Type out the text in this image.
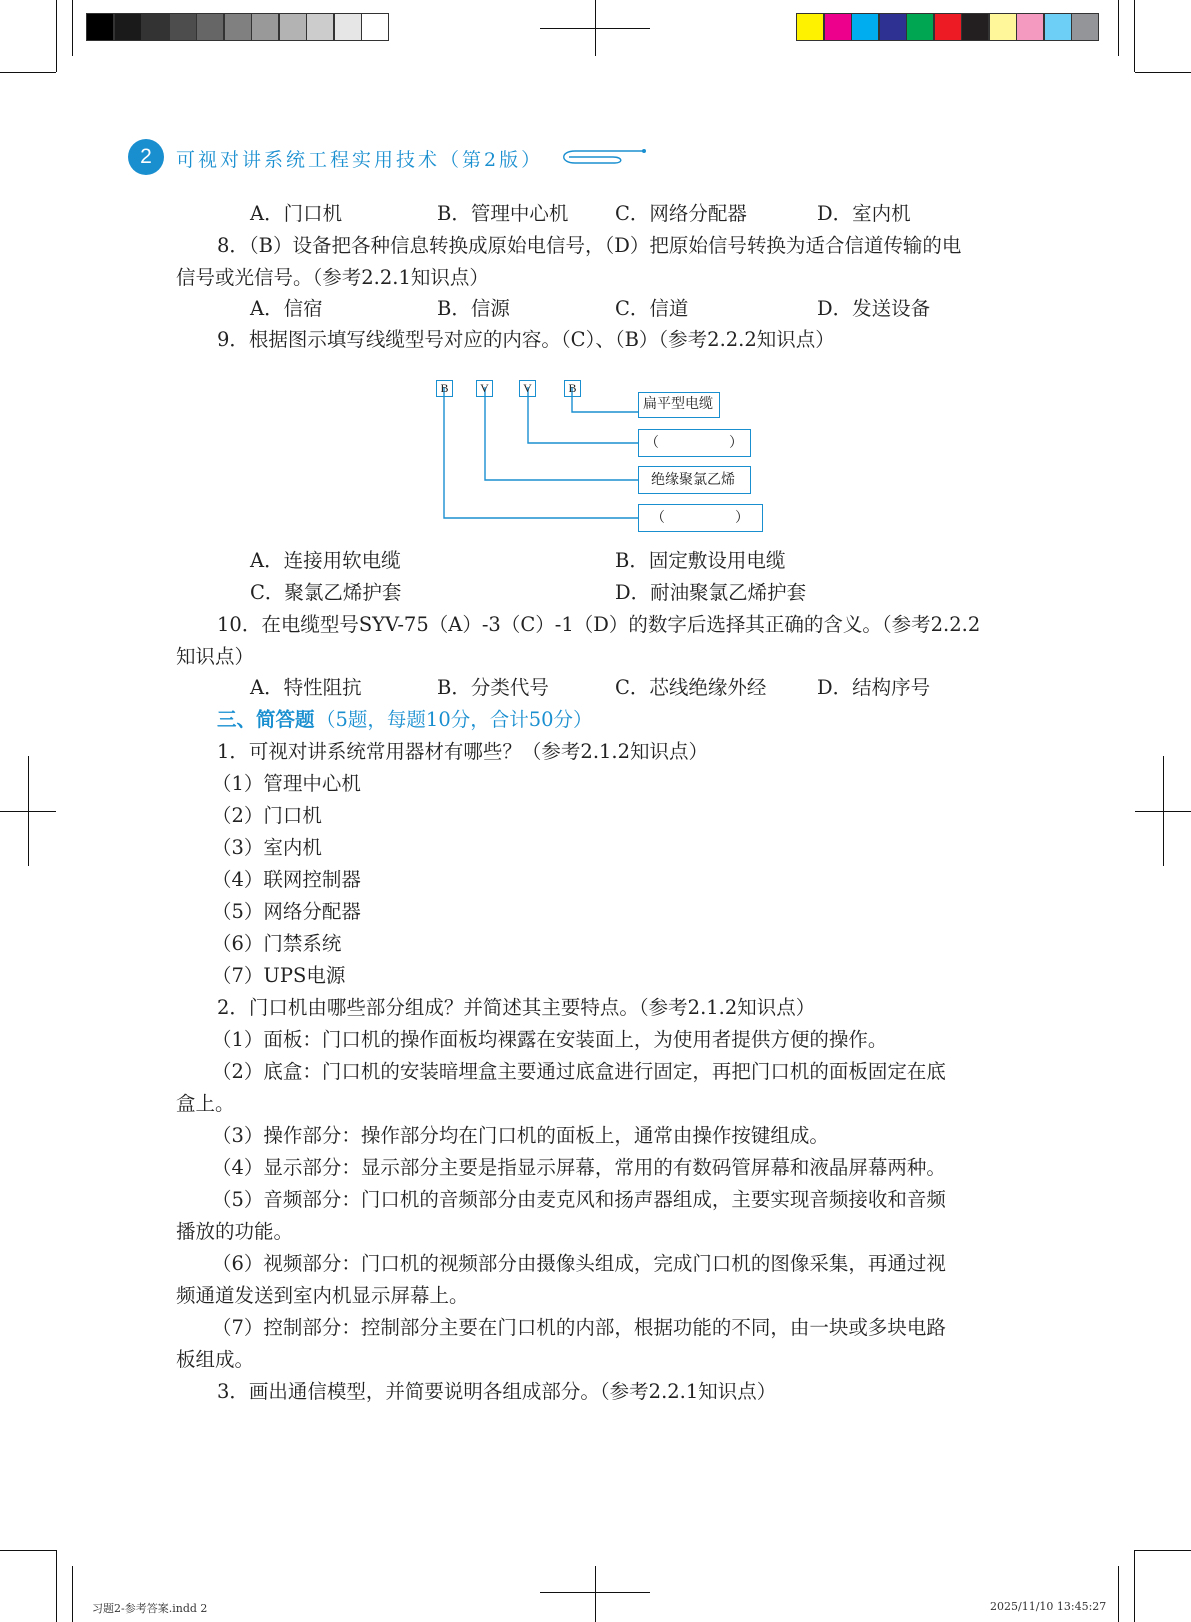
2	可视对讲系统工程实用技术（第2版）
A．门口机	B．管理中心机 C．网络分配器	D．室内机
8．（B）设备把各种信息转换成原始电信号，（D）把原始信号转换为适合信道传输的电
信号或光信号。（参考2.2.1知识点）
A．信宿	B．信源	C．信道	D．发送设备
9．根据图示填写线缆型号对应的内容。（C）、（B）（参考2.2.2知识点）
B	V	V	B
扁平型电缆
（　　　　　）
绝缘聚氯乙烯
（　　　　　）
A．连接用软电缆	B．固定敷设用电缆
C．聚氯乙烯护套	D．耐油聚氯乙烯护套
10．在电缆型号SYV-75（A）-3（C）-1（D）的数字后选择其正确的含义。（参考2.2.2
知识点）
A．特性阻抗	B．分类代号	C．芯线绝缘外经	D．结构序号
三、简答题 （5题，每题10分，合计50分）
1．可视对讲系统常用器材有哪些？（参考2.1.2知识点）
（1）管理中心机
（2）门口机
（3）室内机
（4）联网控制器
（5）网络分配器
（6）门禁系统
（7）UPS电源
2．门口机由哪些部分组成？并简述其主要特点。（参考2.1.2知识点）
（1）面板：门口机的操作面板均裸露在安装面上，为使用者提供方便的操作。
（2）底盒：门口机的安装暗埋盒主要通过底盒进行固定，再把门口机的面板固定在底
盒上。
（3）操作部分：操作部分均在门口机的面板上，通常由操作按键组成。
（4）显示部分：显示部分主要是指显示屏幕，常用的有数码管屏幕和液晶屏幕两种。
（5）音频部分：门口机的音频部分由麦克风和扬声器组成，主要实现音频接收和音频
播放的功能。
（6）视频部分：门口机的视频部分由摄像头组成，完成门口机的图像采集，再通过视
频通道发送到室内机显示屏幕上。
（7）控制部分：控制部分主要在门口机的内部，根据功能的不同，由一块或多块电路
板组成。
3．画出通信模型，并简要说明各组成部分。（参考2.2.1知识点）
习题2-参考答案.indd 2	2025/11/10 13:45:27
